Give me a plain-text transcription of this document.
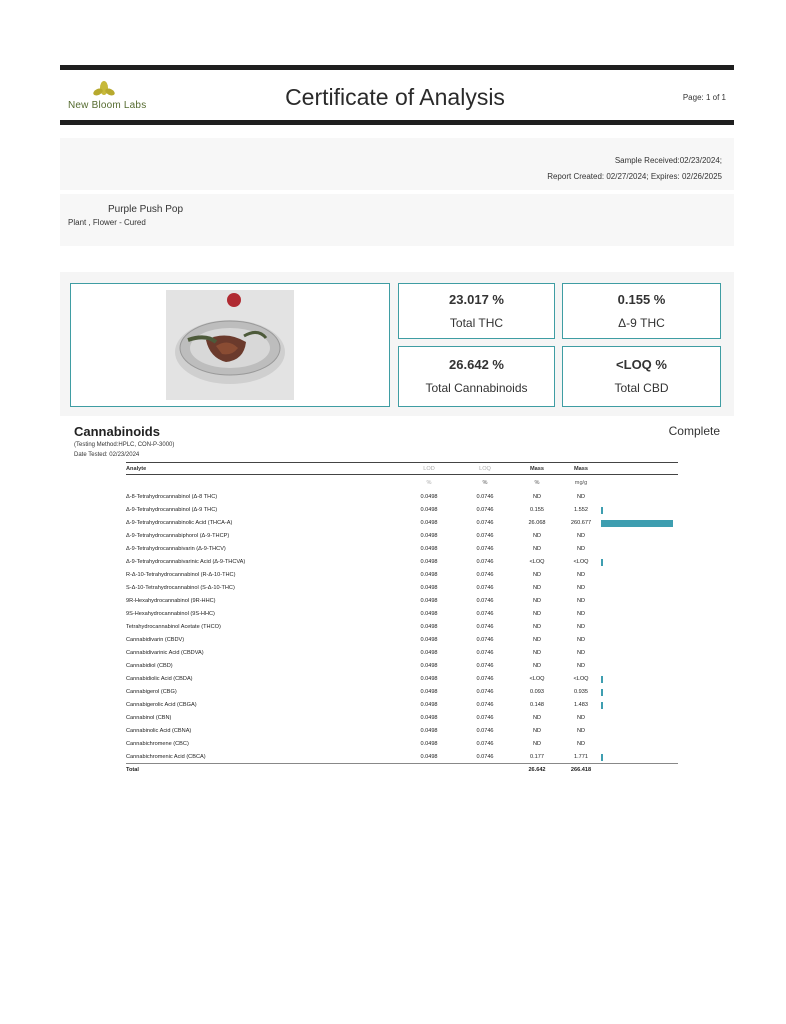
New Bloom Labs	Certificate of Analysis	Page: 1 of 1
Sample Received:02/23/2024;
Report Created: 02/27/2024; Expires: 02/26/2025
Purple Push Pop
Plant , Flower - Cured
23.017 %
Total THC
0.155 %
Δ-9 THC
26.642 %
Total Cannabinoids
<LOQ %
Total CBD
Cannabinoids	Complete
(Testing Method:HPLC, CON-P-3000)
Date Tested: 02/23/2024
Analyte	LOD	LOQ	Mass	Mass	
	%	%	%	mg/g	
Δ-8-Tetrahydrocannabinol (Δ-8 THC)	0.0498	0.0746	ND	ND	
Δ-9-Tetrahydrocannabinol (Δ-9 THC)	0.0498	0.0746	0.155	1.552	

Δ-9-Tetrahydrocannabinolic Acid (THCA-A)	0.0498	0.0746	26.068	260.677	

Δ-9-Tetrahydrocannabiphorol (Δ-9-THCP)	0.0498	0.0746	ND	ND	
Δ-9-Tetrahydrocannabivarin (Δ-9-THCV)	0.0498	0.0746	ND	ND	
Δ-9-Tetrahydrocannabivarinic Acid (Δ-9-THCVA)	0.0498	0.0746	<LOQ	<LOQ	

R-Δ-10-Tetrahydrocannabinol (R-Δ-10-THC)	0.0498	0.0746	ND	ND	
S-Δ-10-Tetrahydrocannabinol (S-Δ-10-THC)	0.0498	0.0746	ND	ND	
9R-Hexahydrocannabinol (9R-HHC)	0.0498	0.0746	ND	ND	
9S-Hexahydrocannabinol (9S-HHC)	0.0498	0.0746	ND	ND	
Tetrahydrocannabinol Acetate (THCO)	0.0498	0.0746	ND	ND	
Cannabidivarin (CBDV)	0.0498	0.0746	ND	ND	
Cannabidivarinic Acid (CBDVA)	0.0498	0.0746	ND	ND	
Cannabidiol (CBD)	0.0498	0.0746	ND	ND	
Cannabidiolic Acid (CBDA)	0.0498	0.0746	<LOQ	<LOQ	

Cannabigerol (CBG)	0.0498	0.0746	0.093	0.935	

Cannabigerolic Acid (CBGA)	0.0498	0.0746	0.148	1.483	

Cannabinol (CBN)	0.0498	0.0746	ND	ND	
Cannabinolic Acid (CBNA)	0.0498	0.0746	ND	ND	
Cannabichromene (CBC)	0.0498	0.0746	ND	ND	
Cannabichromenic Acid (CBCA)	0.0498	0.0746	0.177	1.771	

Total			26.642	266.418	
